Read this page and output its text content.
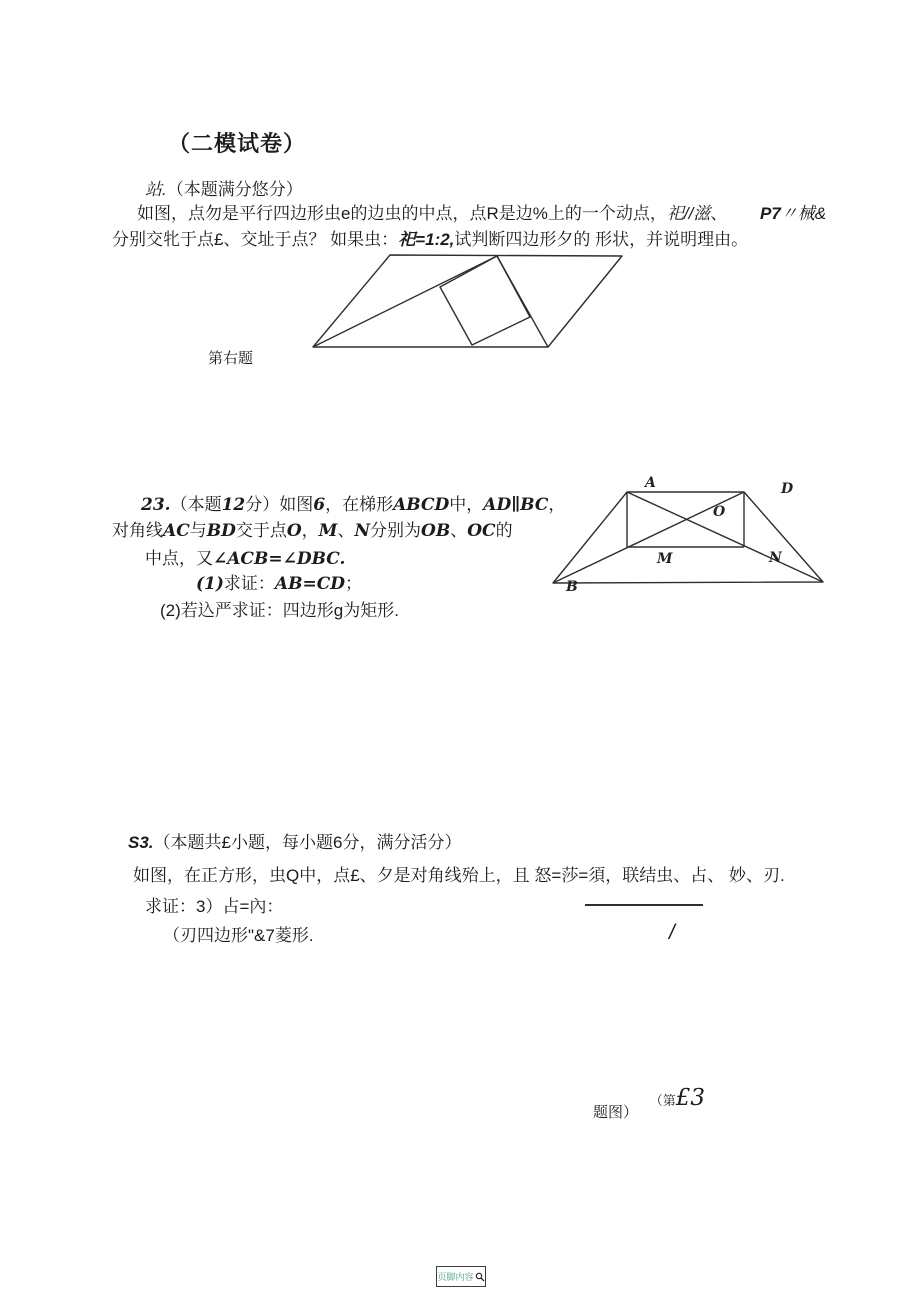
（二模试卷）
站.（本题满分悠分）
如图，点勿是平行四边形虫e的边虫的中点，点R是边%上的一个动点，祀//滋、 P7〃械&
分别交牝于点£、交址于点？ 如果虫：祀=1:2,试判断四边形夕的 形状，并说明理由。
第右题
23.（本题12分）如图6，在梯形ABCD中，AD∥BC，
对角线AC与BD交于点O，M、N分别为OB、OC的
中点，又∠ACB=∠DBC.
(1)求证：AB=CD；
(2)若込严求证：四边形g为矩形.

A

	D

O

M

	N

B

S3.（本题共£小题，每小题6分，满分活分）
如图，在正方形，虫Q中，点£、夕是对角线殆上，且 怒=莎=須，联结虫、占、 妙、刃.
求证：3）占=內：
（刃四边形"&7菱形.	/

（第£3

题图）
页脚内容
